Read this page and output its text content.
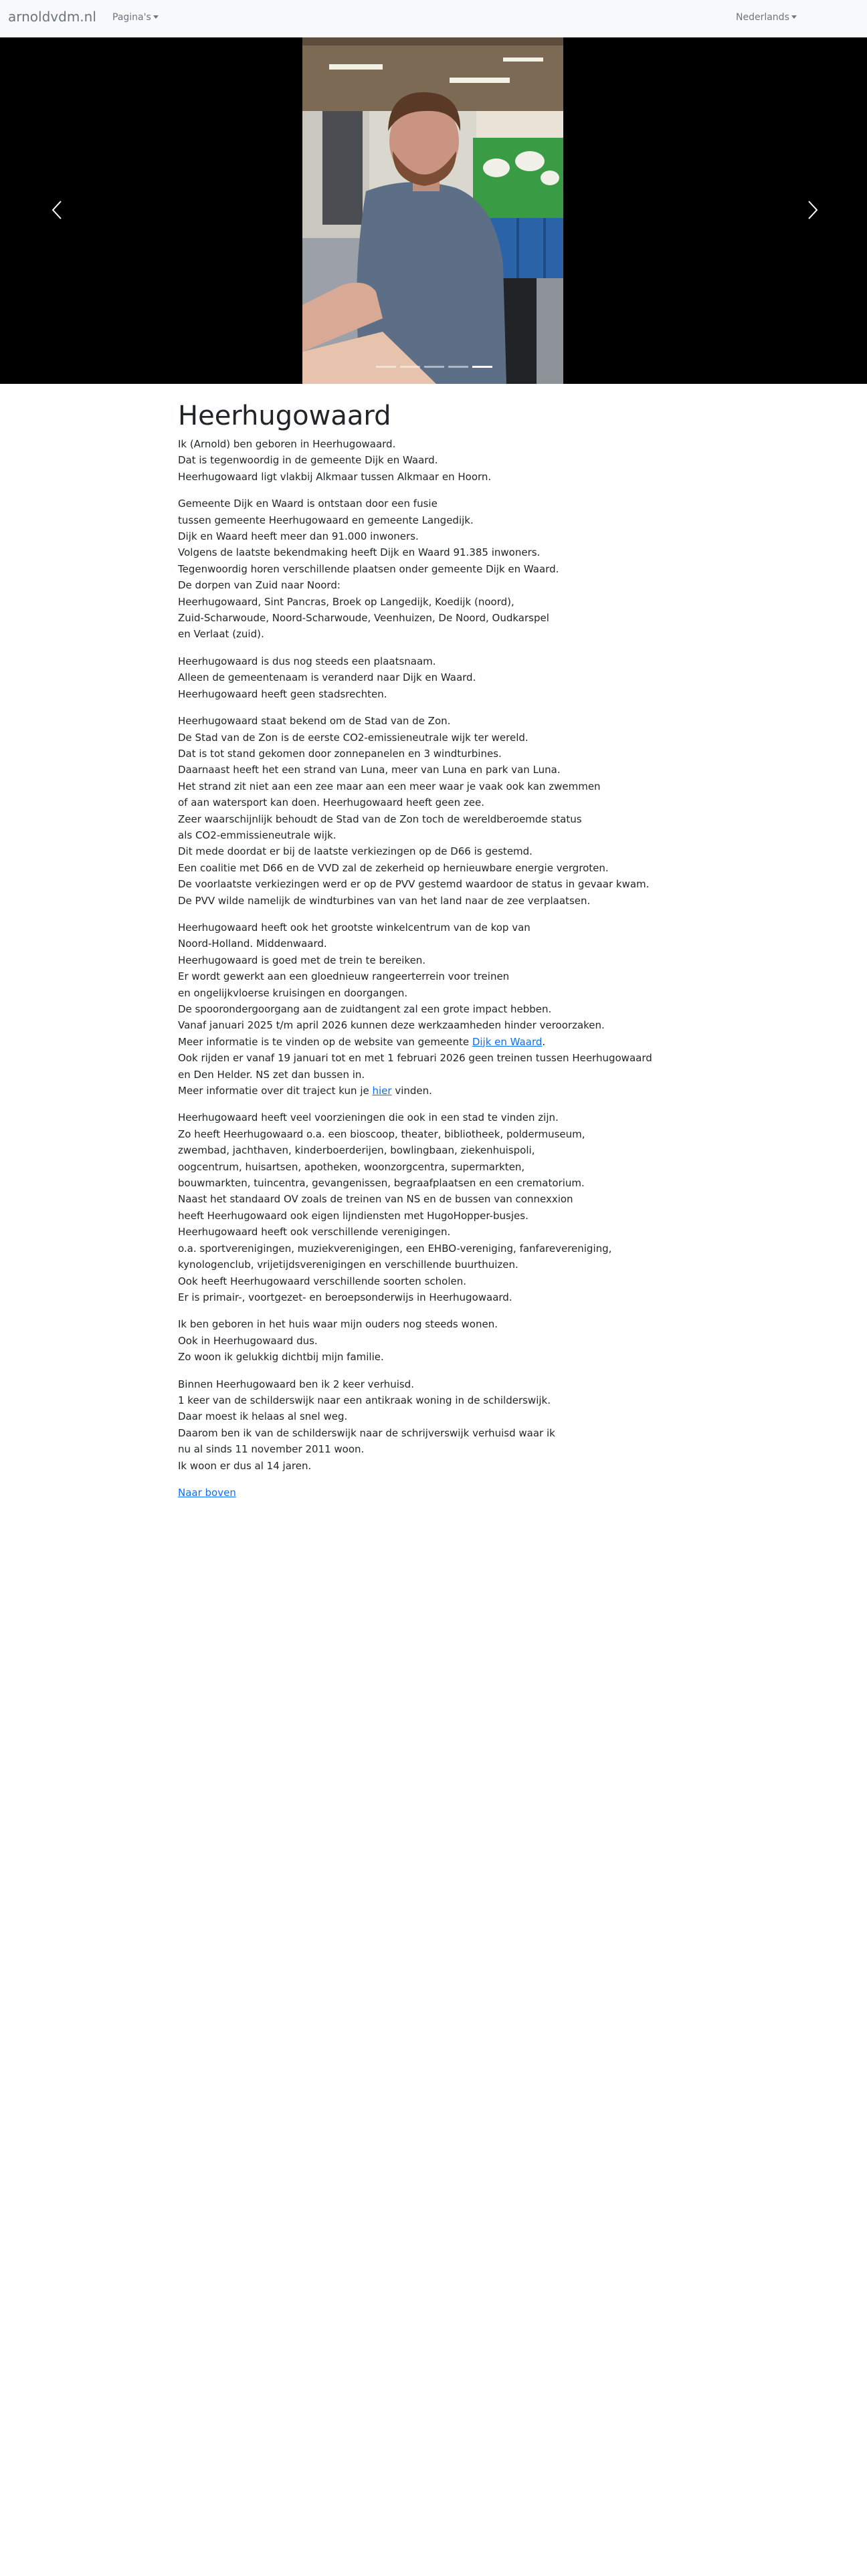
arnoldvdm.nl Pagina's	Nederlands
Heerhugowaard

Ik (Arnold) ben geboren in Heerhugowaard.
Dat is tegenwoordig in de gemeente Dijk en Waard.
Heerhugowaard ligt vlakbij Alkmaar tussen Alkmaar en Hoorn.

Gemeente Dijk en Waard is ontstaan door een fusie
tussen gemeente Heerhugowaard en gemeente Langedijk.
Dijk en Waard heeft meer dan 91.000 inwoners.
Volgens de laatste bekendmaking heeft Dijk en Waard 91.385 inwoners.
Tegenwoordig horen verschillende plaatsen onder gemeente Dijk en Waard.
De dorpen van Zuid naar Noord:
Heerhugowaard, Sint Pancras, Broek op Langedijk, Koedijk (noord),
Zuid-Scharwoude, Noord-Scharwoude, Veenhuizen, De Noord, Oudkarspel
en Verlaat (zuid).

Heerhugowaard is dus nog steeds een plaatsnaam.
Alleen de gemeentenaam is veranderd naar Dijk en Waard.
Heerhugowaard heeft geen stadsrechten.

Heerhugowaard staat bekend om de Stad van de Zon.
De Stad van de Zon is de eerste CO2-emissieneutrale wijk ter wereld.
Dat is tot stand gekomen door zonnepanelen en 3 windturbines.
Daarnaast heeft het een strand van Luna, meer van Luna en park van Luna.
Het strand zit niet aan een zee maar aan een meer waar je vaak ook kan zwemmen
of aan watersport kan doen. Heerhugowaard heeft geen zee.
Zeer waarschijnlijk behoudt de Stad van de Zon toch de wereldberoemde status
als CO2-emmissieneutrale wijk.
Dit mede doordat er bij de laatste verkiezingen op de D66 is gestemd.
Een coalitie met D66 en de VVD zal de zekerheid op hernieuwbare energie vergroten.
De voorlaatste verkiezingen werd er op de PVV gestemd waardoor de status in gevaar kwam.
De PVV wilde namelijk de windturbines van van het land naar de zee verplaatsen.

Heerhugowaard heeft ook het grootste winkelcentrum van de kop van
Noord-Holland. Middenwaard.
Heerhugowaard is goed met de trein te bereiken.
Er wordt gewerkt aan een gloednieuw rangeerterrein voor treinen
en ongelijkvloerse kruisingen en doorgangen.
De spoorondergoorgang aan de zuidtangent zal een grote impact hebben.
Vanaf januari 2025 t/m april 2026 kunnen deze werkzaamheden hinder veroorzaken.
Meer informatie is te vinden op de website van gemeente Dijk en Waard.
Ook rijden er vanaf 19 januari tot en met 1 februari 2026 geen treinen tussen Heerhugowaard
en Den Helder. NS zet dan bussen in.
Meer informatie over dit traject kun je hier vinden.

Heerhugowaard heeft veel voorzieningen die ook in een stad te vinden zijn.
Zo heeft Heerhugowaard o.a. een bioscoop, theater, bibliotheek, poldermuseum,
zwembad, jachthaven, kinderboerderijen, bowlingbaan, ziekenhuispoli,
oogcentrum, huisartsen, apotheken, woonzorgcentra, supermarkten,
bouwmarkten, tuincentra, gevangenissen, begraafplaatsen en een crematorium.
Naast het standaard OV zoals de treinen van NS en de bussen van connexxion
heeft Heerhugowaard ook eigen lijndiensten met HugoHopper-busjes.
Heerhugowaard heeft ook verschillende verenigingen.
o.a. sportverenigingen, muziekverenigingen, een EHBO-vereniging, fanfarevereniging,
kynologenclub, vrijetijdsverenigingen en verschillende buurthuizen.
Ook heeft Heerhugowaard verschillende soorten scholen.
Er is primair-, voortgezet- en beroepsonderwijs in Heerhugowaard.

Ik ben geboren in het huis waar mijn ouders nog steeds wonen.
Ook in Heerhugowaard dus.
Zo woon ik gelukkig dichtbij mijn familie.

Binnen Heerhugowaard ben ik 2 keer verhuisd.
1 keer van de schilderswijk naar een antikraak woning in de schilderswijk.
Daar moest ik helaas al snel weg.
Daarom ben ik van de schilderswijk naar de schrijverswijk verhuisd waar ik
nu al sinds 11 november 2011 woon.
Ik woon er dus al 14 jaren.

Naar boven
